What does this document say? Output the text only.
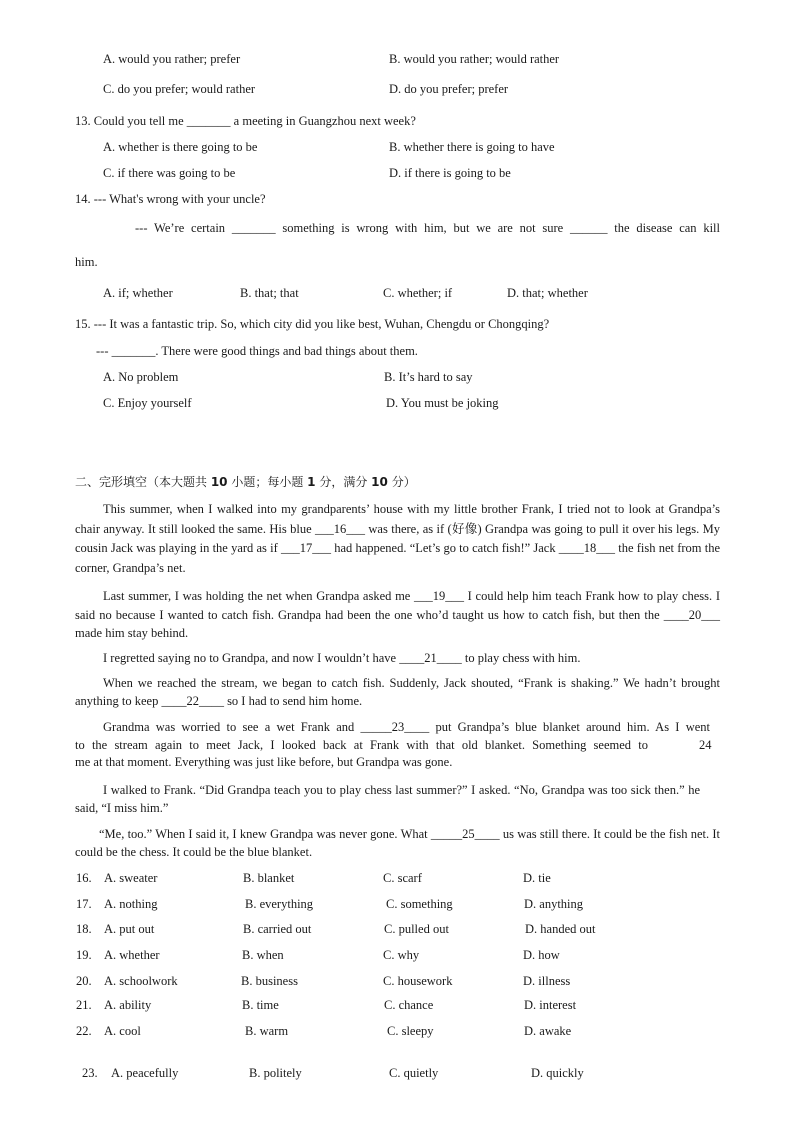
A. would you rather; prefer	B. would you rather; would rather
C. do you prefer; would rather	D. do you prefer; prefer
13. Could you tell me _______ a meeting in Guangzhou next week?
A. whether is there going to be	B. whether there is going to have
C. if there was going to be	D. if there is going to be
14. --- What's wrong with your uncle?
--- We’re certain _______ something is wrong with him, but we are not sure ______ the disease can kill
him.
A. if; whether	B. that; that	C. whether; if	D. that; whether
15. --- It was a fantastic trip. So, which city did you like best, Wuhan, Chengdu or Chongqing?
--- _______. There were good things and bad things about them.
A. No problem	B. It’s hard to say
C. Enjoy yourself	D. You must be joking
二、完形填空（本大题共 10 小题；每小题 1 分，满分 10 分）
This summer, when I walked into my grandparents’ house with my little brother Frank, I tried not to look at Grandpa’s chair anyway. It still looked the same. His blue ___16___ was there, as if (好像) Grandpa was going to pull it over his legs. My cousin Jack was playing in the yard as if ___17___ had happened. “Let’s go to catch fish!” Jack ____18___ the fish net from the corner, Grandpa’s net.
Last summer, I was holding the net when Grandpa asked me ___19___ I could help him teach Frank how to play chess. I said no because I wanted to catch fish. Grandpa had been the one who’d taught us how to catch fish, but then the ____20___ made him stay behind.
I regretted saying no to Grandpa, and now I wouldn’t have ____21____ to play chess with him.
When we reached the stream, we began to catch fish. Suddenly, Jack shouted, “Frank is shaking.” We hadn’t brought anything to keep ____22____ so I had to send him home.
Grandma was worried to see a wet Frank and _____23____ put Grandpa’s blue blanket around him. As I went
to the stream again to meet Jack, I looked back at Frank with that old blanket. Something seemed to	24
me at that moment. Everything was just like before, but Grandpa was gone.
I walked to Frank. “Did Grandpa teach you to play chess last summer?” I asked. “No, Grandpa was too sick then.” he said, “I miss him.”
“Me, too.” When I said it, I knew Grandpa was never gone. What _____25____ us was still there. It could be the fish net. It could be the chess. It could be the blue blanket.
16. A. sweater	B. blanket	C. scarf	D. tie
17. A. nothing	B. everything	C. something	D. anything
18. A. put out	B. carried out	C. pulled out	D. handed out
19. A. whether	B. when	C. why	D. how
20. A. schoolwork	B. business	C. housework	D. illness
21. A. ability	B. time	C. chance	D. interest
22. A. cool	B. warm	C. sleepy	D. awake
23. A. peacefully	B. politely	C. quietly	D. quickly
